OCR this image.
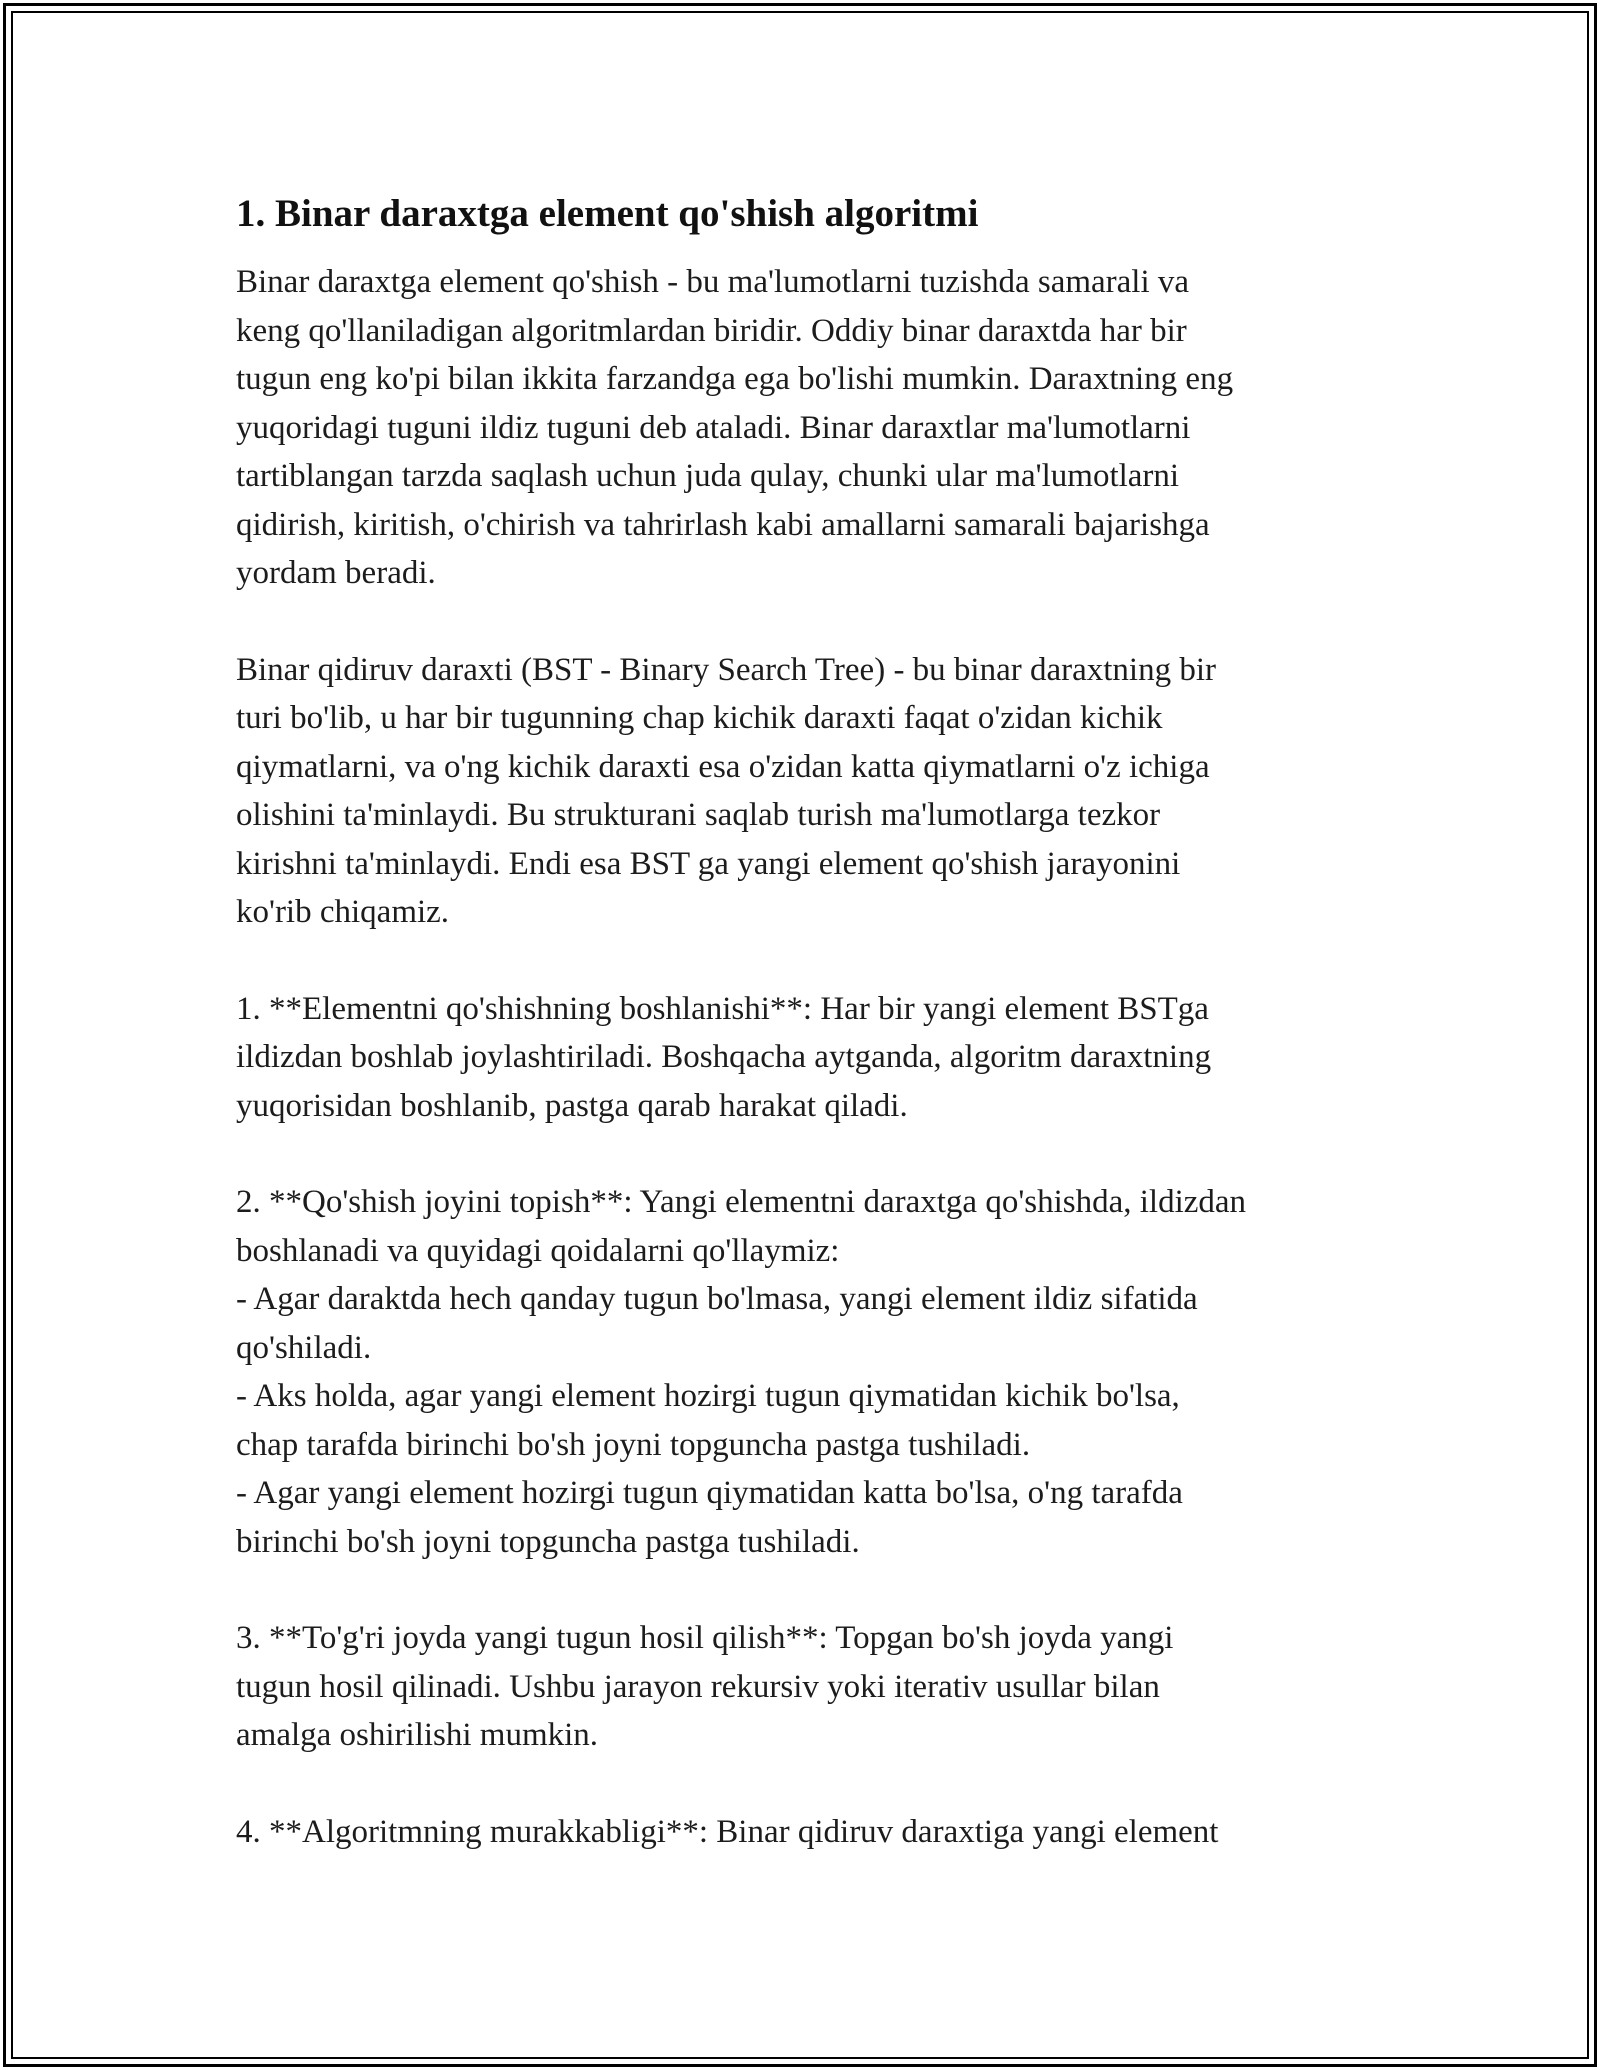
1. Binar daraxtga element qo'shish algoritmi

Binar daraxtga element qo'shish - bu ma'lumotlarni tuzishda samarali va
keng qo'llaniladigan algoritmlardan biridir. Oddiy binar daraxtda har bir
tugun eng ko'pi bilan ikkita farzandga ega bo'lishi mumkin. Daraxtning eng
yuqoridagi tuguni ildiz tuguni deb ataladi. Binar daraxtlar ma'lumotlarni
tartiblangan tarzda saqlash uchun juda qulay, chunki ular ma'lumotlarni
qidirish, kiritish, o'chirish va tahrirlash kabi amallarni samarali bajarishga
yordam beradi.

Binar qidiruv daraxti (BST - Binary Search Tree) - bu binar daraxtning bir
turi bo'lib, u har bir tugunning chap kichik daraxti faqat o'zidan kichik
qiymatlarni, va o'ng kichik daraxti esa o'zidan katta qiymatlarni o'z ichiga
olishini ta'minlaydi. Bu strukturani saqlab turish ma'lumotlarga tezkor
kirishni ta'minlaydi. Endi esa BST ga yangi element qo'shish jarayonini
ko'rib chiqamiz.

1. **Elementni qo'shishning boshlanishi**: Har bir yangi element BSTga
ildizdan boshlab joylashtiriladi. Boshqacha aytganda, algoritm daraxtning
yuqorisidan boshlanib, pastga qarab harakat qiladi.

2. **Qo'shish joyini topish**: Yangi elementni daraxtga qo'shishda, ildizdan
boshlanadi va quyidagi qoidalarni qo'llaymiz:
- Agar daraktda hech qanday tugun bo'lmasa, yangi element ildiz sifatida
qo'shiladi.
- Aks holda, agar yangi element hozirgi tugun qiymatidan kichik bo'lsa,
chap tarafda birinchi bo'sh joyni topguncha pastga tushiladi.
- Agar yangi element hozirgi tugun qiymatidan katta bo'lsa, o'ng tarafda
birinchi bo'sh joyni topguncha pastga tushiladi.

3. **To'g'ri joyda yangi tugun hosil qilish**: Topgan bo'sh joyda yangi
tugun hosil qilinadi. Ushbu jarayon rekursiv yoki iterativ usullar bilan
amalga oshirilishi mumkin.

4. **Algoritmning murakkabligi**: Binar qidiruv daraxtiga yangi element
